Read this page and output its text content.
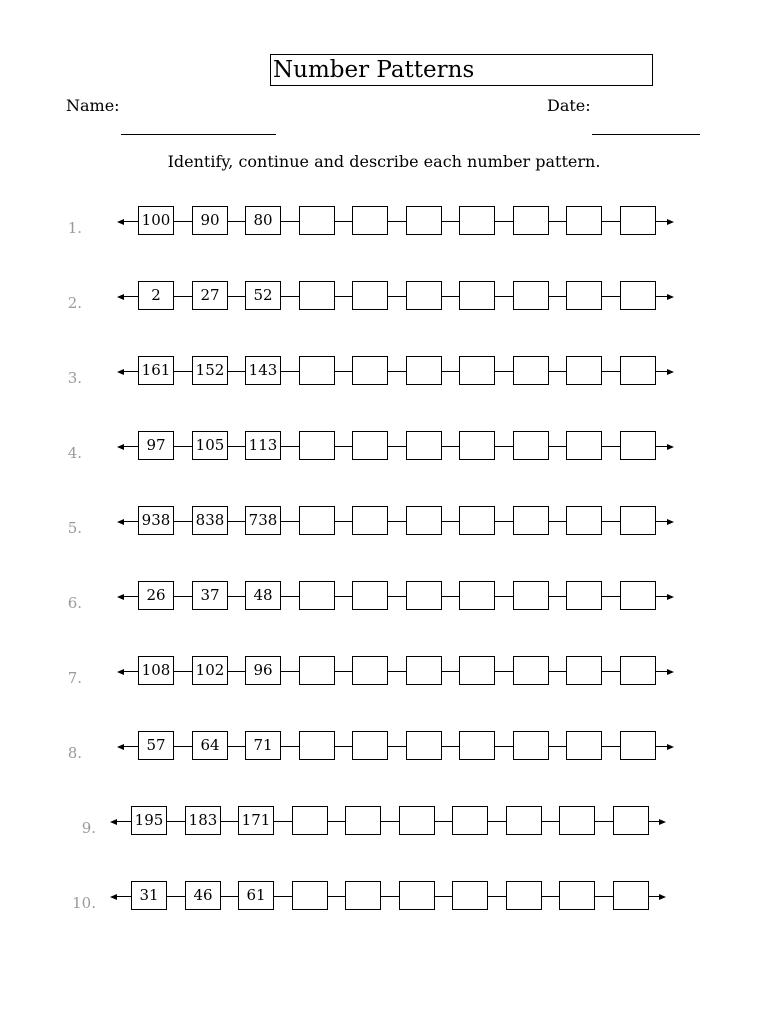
Number Patterns
Name:	Date:
Identify, continue and describe each number pattern.
1.	100	90	80
2.	2	27	52
3.	161 152 143
4.	97	105 113
5.	938 838 738
6.	26	37	48
7.	108 102	96
8.	57	64	71
9.	195 183 171
10.	31	46	61
